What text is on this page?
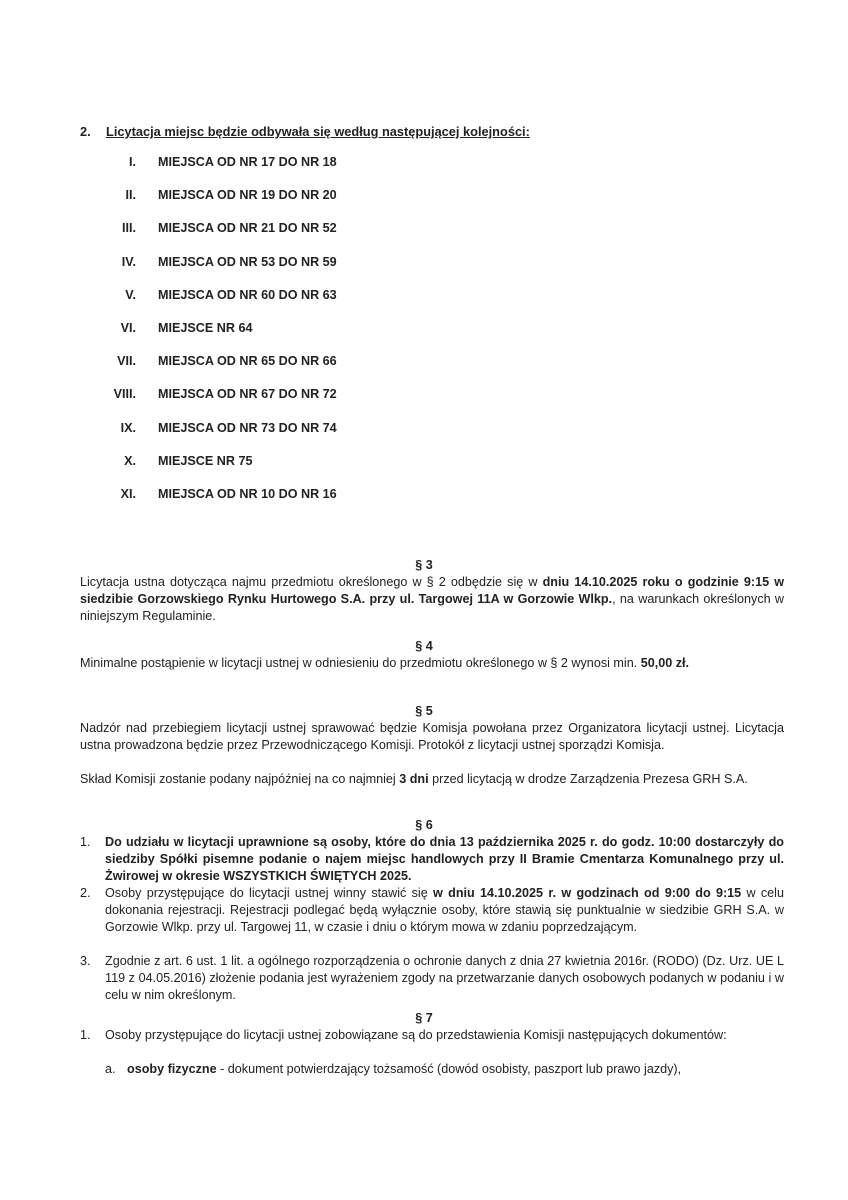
2. Licytacja miejsc będzie odbywała się według następującej kolejności:
I. MIEJSCA OD NR 17 DO NR 18
II. MIEJSCA OD NR 19 DO NR 20
III. MIEJSCA OD NR 21 DO NR 52
IV. MIEJSCA OD NR 53 DO NR 59
V. MIEJSCA OD NR 60 DO NR 63
VI. MIEJSCE NR 64
VII. MIEJSCA OD NR 65 DO NR 66
VIII. MIEJSCA OD NR 67 DO NR 72
IX. MIEJSCA OD NR 73 DO NR 74
X. MIEJSCE NR 75
XI. MIEJSCA OD NR 10 DO NR 16
§ 3
Licytacja ustna dotycząca najmu przedmiotu określonego w § 2 odbędzie się w dniu 14.10.2025 roku o godzinie 9:15 w siedzibie Gorzowskiego Rynku Hurtowego S.A. przy ul. Targowej 11A w Gorzowie Wlkp., na warunkach określonych w niniejszym Regulaminie.
§ 4
Minimalne postąpienie w licytacji ustnej w odniesieniu do przedmiotu określonego w § 2 wynosi min. 50,00 zł.
§ 5
Nadzór nad przebiegiem licytacji ustnej sprawować będzie Komisja powołana przez Organizatora licytacji ustnej. Licytacja ustna prowadzona będzie przez Przewodniczącego Komisji. Protokół z licytacji ustnej sporządzi Komisja.
Skład Komisji zostanie podany najpóźniej na co najmniej 3 dni przed licytacją w drodze Zarządzenia Prezesa GRH S.A.
§ 6
1. Do udziału w licytacji uprawnione są osoby, które do dnia 13 października 2025 r. do godz. 10:00 dostarczyły do siedziby Spółki pisemne podanie o najem miejsc handlowych przy II Bramie Cmentarza Komunalnego przy ul. Żwirowej w okresie WSZYSTKICH ŚWIĘTYCH 2025.
2. Osoby przystępujące do licytacji ustnej winny stawić się w dniu 14.10.2025 r. w godzinach od 9:00 do 9:15 w celu dokonania rejestracji. Rejestracji podlegać będą wyłącznie osoby, które stawią się punktualnie w siedzibie GRH S.A. w Gorzowie Wlkp. przy ul. Targowej 11, w czasie i dniu o którym mowa w zdaniu poprzedzającym.
3. Zgodnie z art. 6 ust. 1 lit. a ogólnego rozporządzenia o ochronie danych z dnia 27 kwietnia 2016r. (RODO) (Dz. Urz. UE L 119 z 04.05.2016) złożenie podania jest wyrażeniem zgody na przetwarzanie danych osobowych podanych w podaniu i w celu w nim określonym.
§ 7
1. Osoby przystępujące do licytacji ustnej zobowiązane są do przedstawienia Komisji następujących dokumentów:
a. osoby fizyczne - dokument potwierdzający tożsamość (dowód osobisty, paszport lub prawo jazdy),
